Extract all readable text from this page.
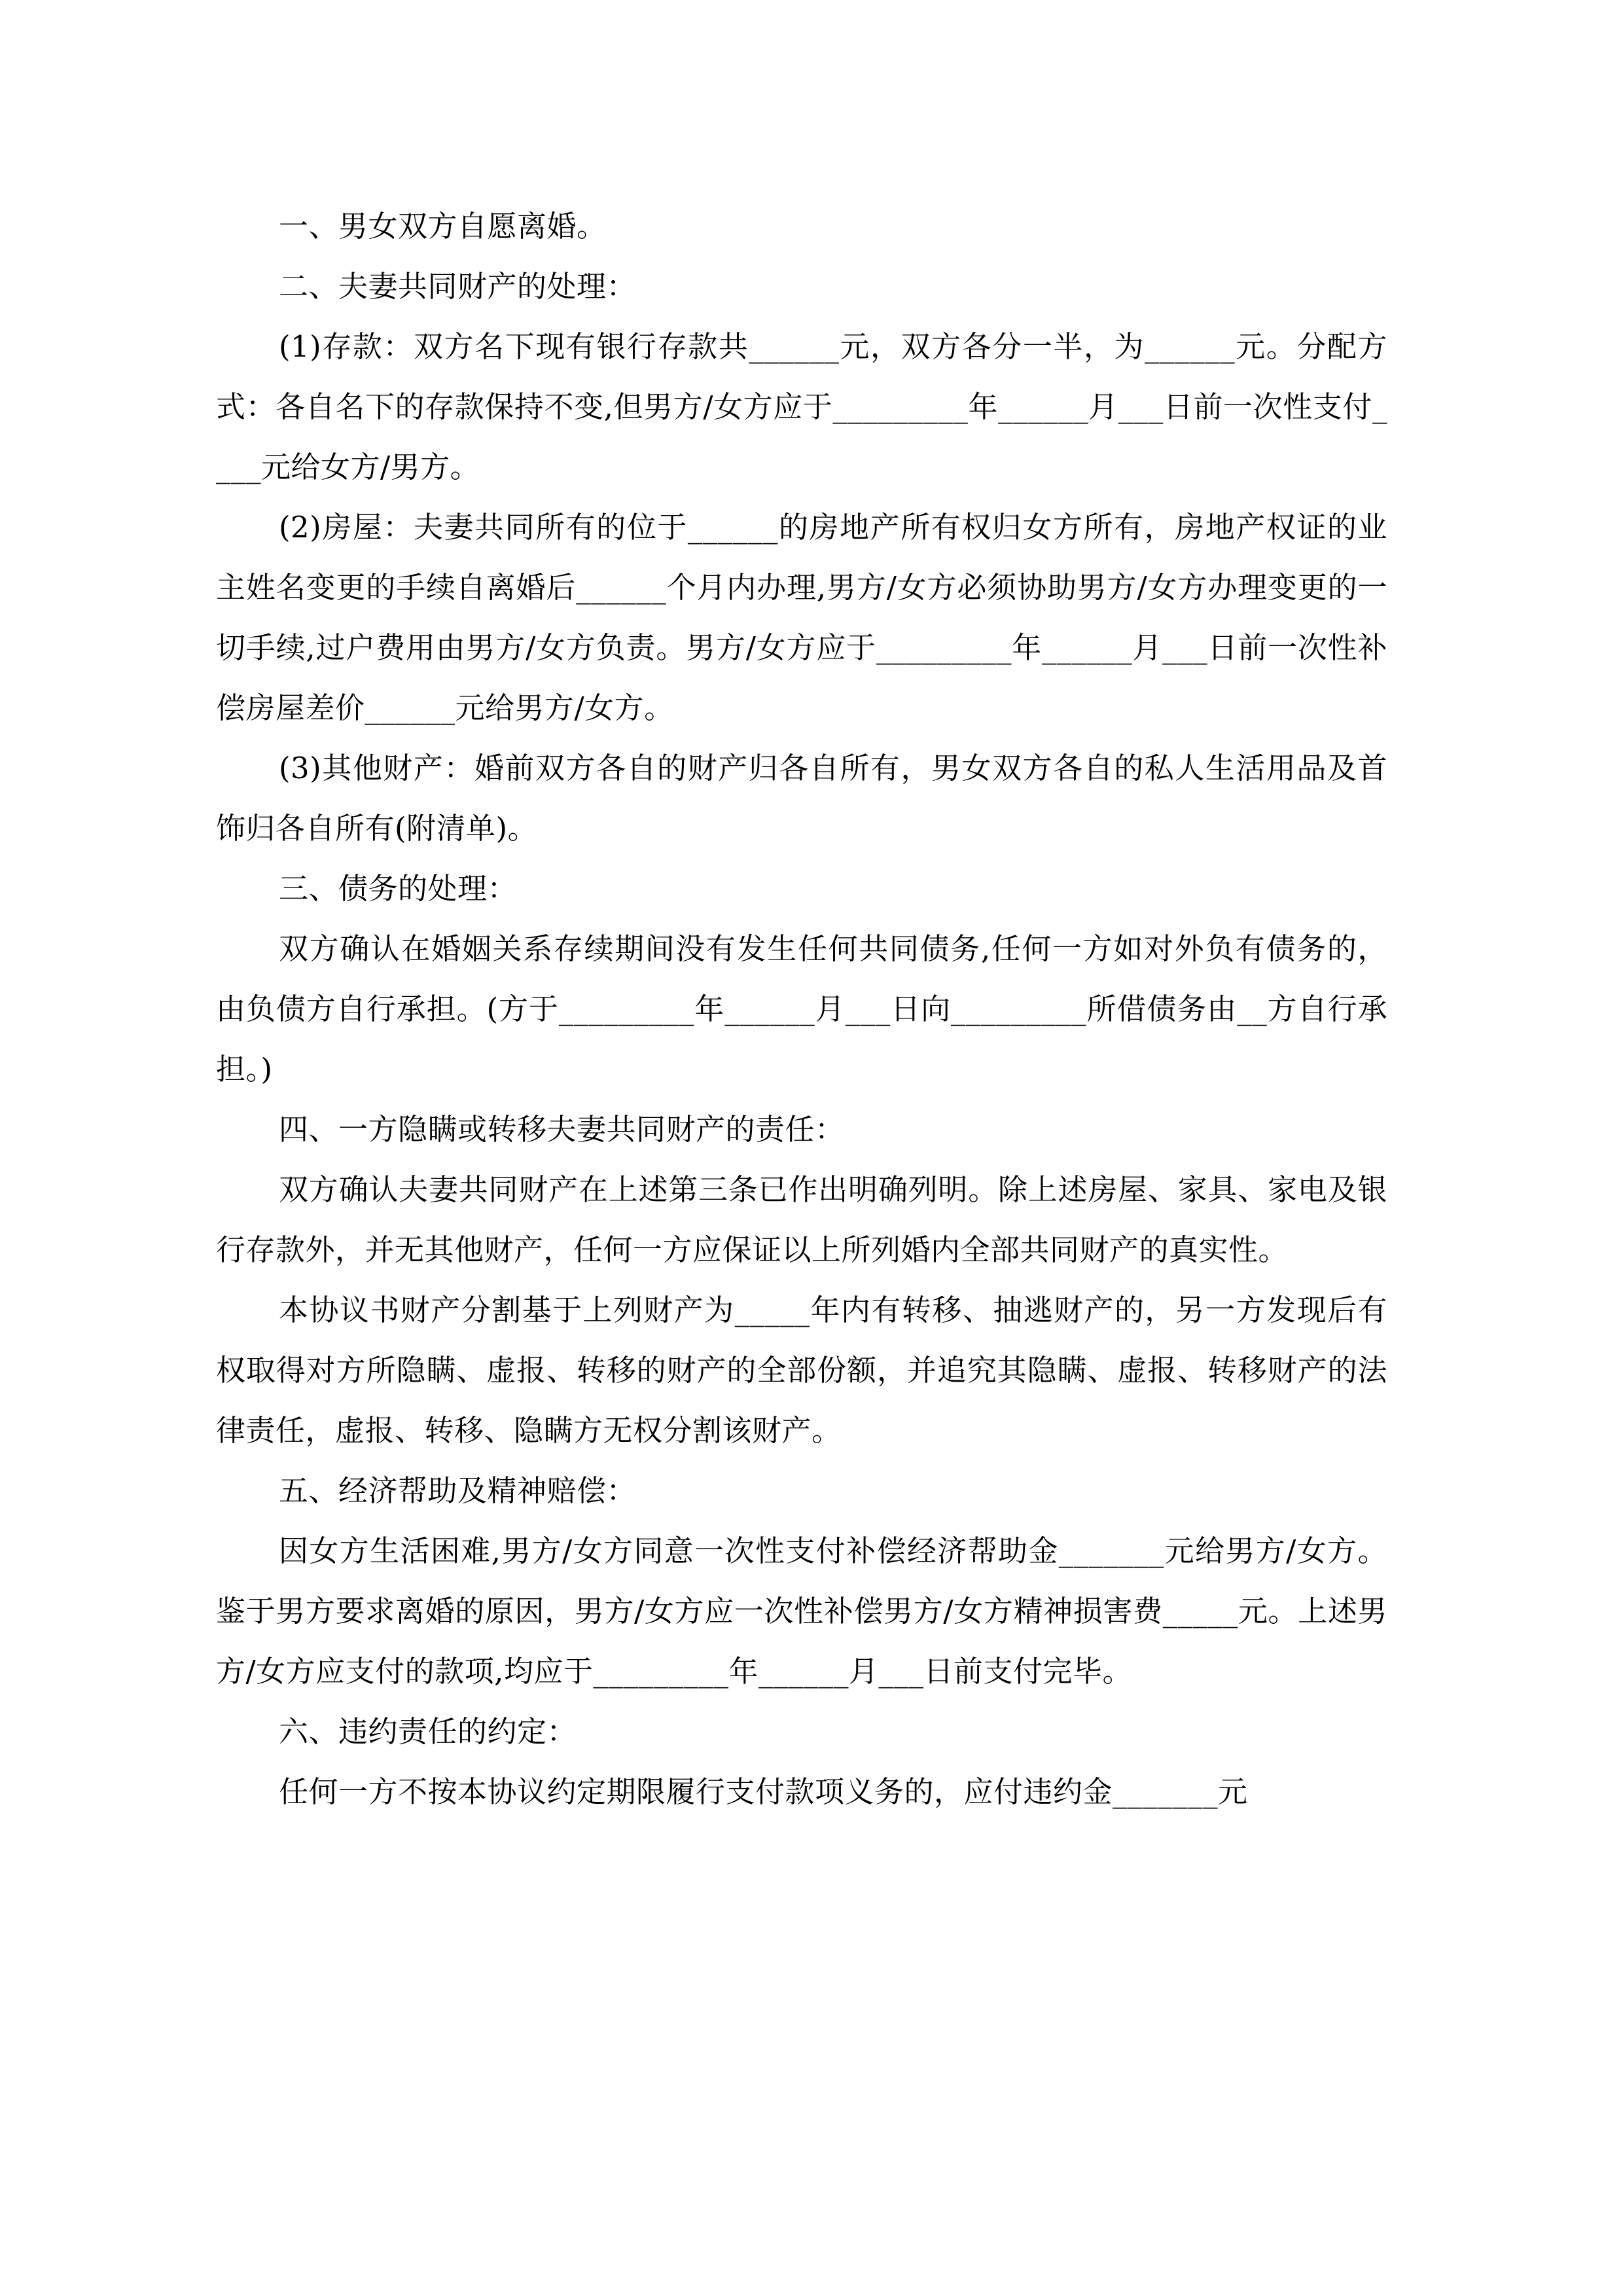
一、男女双方自愿离婚。

二、夫妻共同财产的处理：

(1)存款：双方名下现有银行存款共______元，双方各分一半，为______元。分配方式：各自名下的存款保持不变,但男方/女方应于_________年______月___日前一次性支付____元给女方/男方。

(2)房屋：夫妻共同所有的位于______的房地产所有权归女方所有，房地产权证的业主姓名变更的手续自离婚后______个月内办理,男方/女方必须协助男方/女方办理变更的一切手续,过户费用由男方/女方负责。男方/女方应于_________年______月___日前一次性补偿房屋差价______元给男方/女方。

(3)其他财产：婚前双方各自的财产归各自所有，男女双方各自的私人生活用品及首饰归各自所有(附清单)。

三、债务的处理：

双方确认在婚姻关系存续期间没有发生任何共同债务,任何一方如对外负有债务的，由负债方自行承担。(方于_________年______月___日向_________所借债务由__方自行承担。)

四、一方隐瞒或转移夫妻共同财产的责任：

双方确认夫妻共同财产在上述第三条已作出明确列明。除上述房屋、家具、家电及银行存款外，并无其他财产，任何一方应保证以上所列婚内全部共同财产的真实性。

本协议书财产分割基于上列财产为_____年内有转移、抽逃财产的，另一方发现后有权取得对方所隐瞒、虚报、转移的财产的全部份额，并追究其隐瞒、虚报、转移财产的法律责任，虚报、转移、隐瞒方无权分割该财产。

五、经济帮助及精神赔偿：

因女方生活困难,男方/女方同意一次性支付补偿经济帮助金_______元给男方/女方。鉴于男方要求离婚的原因，男方/女方应一次性补偿男方/女方精神损害费_____元。上述男方/女方应支付的款项,均应于_________年______月___日前支付完毕。

六、违约责任的约定：

任何一方不按本协议约定期限履行支付款项义务的，应付违约金_______元
